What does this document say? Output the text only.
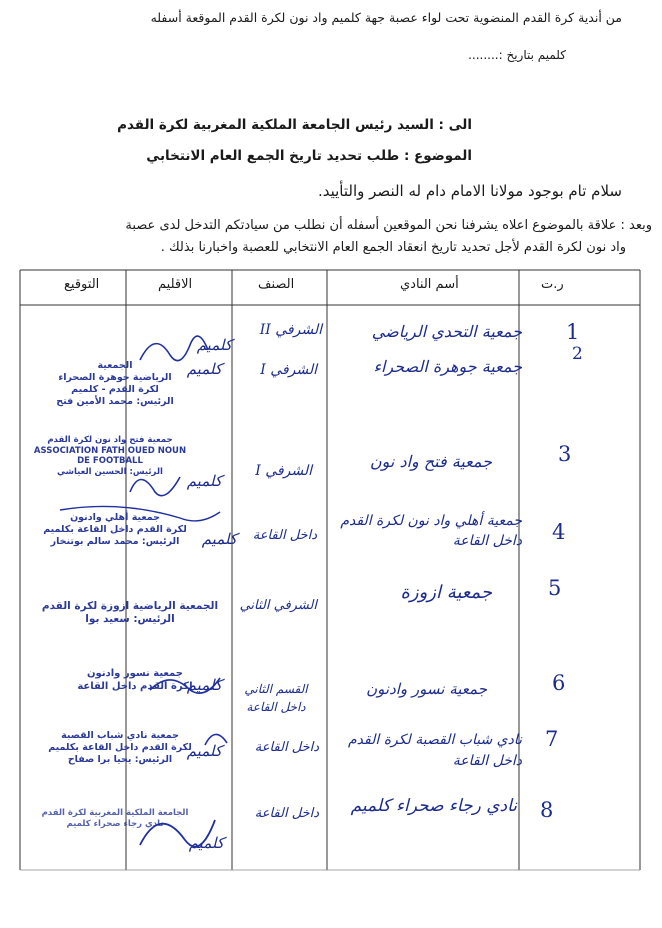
من أندية كرة القدم المنضوية تحت لواء عصبة جهة كلميم واد نون لكرة القدم الموقعة أسفله
كلميم بتاريخ :........
الى : السيد رئيس الجامعة الملكية المغربية لكرة القدم
الموضوع : طلب تحديد تاريخ الجمع العام الانتخابي
سلام تام بوجود مولانا الامام دام له النصر والتأييد.
وبعد : علاقة بالموضوع اعلاه يشرفنا نحن الموقعين أسفله أن نطلب من سيادتكم التدخل لدى عصبة
واد نون لكرة القدم لأجل تحديد تاريخ انعقاد الجمع العام الانتخابي للعصبة واخبارنا بذلك .
ر.ت
أسم النادي
الصنف
الاقليم
التوقيع
1
2
3
4
5
6
7
8
جمعية التحدي الرياضي
جمعية جوهرة الصحراء
جمعية فتح واد نون
جمعية أهلي واد نون لكرة القدم داخل القاعة
جمعية ازوزة
جمعية نسور وادنون
نادي شباب القصبة لكرة القدم داخل القاعة
نادي رجاء صحراء كلميم
الشرفي II
الشرفي I
الشرفي I
داخل القاعة
الشرفي الثاني
القسم الثاني داخل القاعة
داخل القاعة
داخل القاعة
كلميم
كلميم
كلميم
كلميم
كلميم
كلميم
كلميم
الجمعية
الرياضية جوهرة الصحراء
لكرة القدم - كلميم
الرئيس: محمد الأمين فتح
جمعية فتح واد نون لكرة القدم
ASSOCIATION FATH OUED NOUN
DE FOOTBALL
الرئيس: الحسين العياشي
جمعية أهلي وادنون
لكرة القدم داخل القاعة بكلميم
الرئيس: محمد سالم بوتنخار
الجمعية الرياضية ازوزة لكرة القدم
الرئيس: سعيد بوا
جمعية نسور وادنون
لكرة القدم داخل القاعة
جمعية نادي شباب القصبة
لكرة القدم داخل القاعة بكلميم
الرئيس: يحيا برا صفاح
الجامعة الملكية المغربية لكرة القدم
نادي رجاء صحراء كلميم
